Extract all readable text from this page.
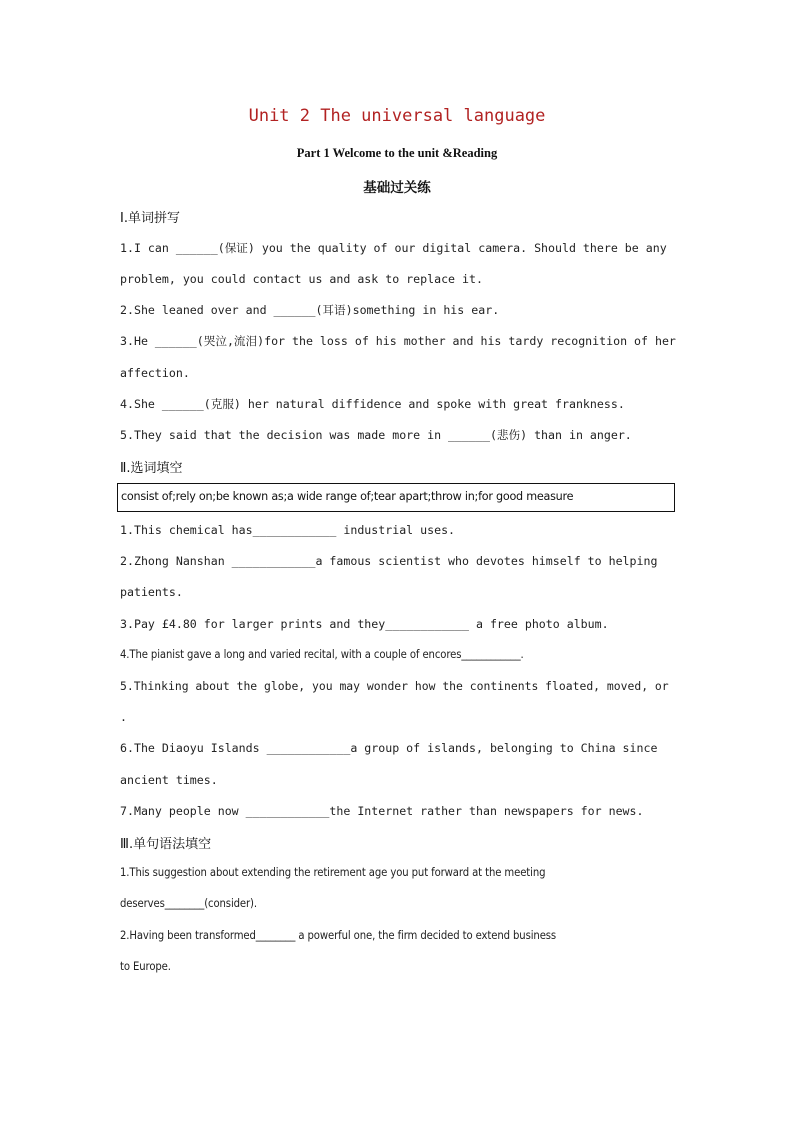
Unit 2 The universal language
Part 1 Welcome to the unit &Reading
基础过关练
Ⅰ.单词拼写
1.I can ______(保证) you the quality of our digital camera. Should there be any
problem, you could contact us and ask to replace it.
2.She leaned over and ______(耳语)something in his ear.
3.He ______(哭泣,流泪)for the loss of his mother and his tardy recognition of her
affection.
4.She ______(克服) her natural diffidence and spoke with great frankness.
5.They said that the decision was made more in ______(悲伤) than in anger.
Ⅱ.选词填空
consist of;rely on;be known as;a wide range of;tear apart;throw in;for good measure
1.This chemical has____________ industrial uses.
2.Zhong Nanshan ____________a famous scientist who devotes himself to helping
patients.
3.Pay £4.80 for larger prints and they____________ a free photo album.
4.The pianist gave a long and varied recital, with a couple of encores____________.
5.Thinking about the globe, you may wonder how the continents floated, moved, or
.
6.The Diaoyu Islands ____________a group of islands, belonging to China since
ancient times.
7.Many people now ____________the Internet rather than newspapers for news.
Ⅲ.单句语法填空
1.This suggestion about extending the retirement age you put forward at the meeting
deserves________(consider).
2.Having been transformed________ a powerful one, the firm decided to extend business
to Europe.
